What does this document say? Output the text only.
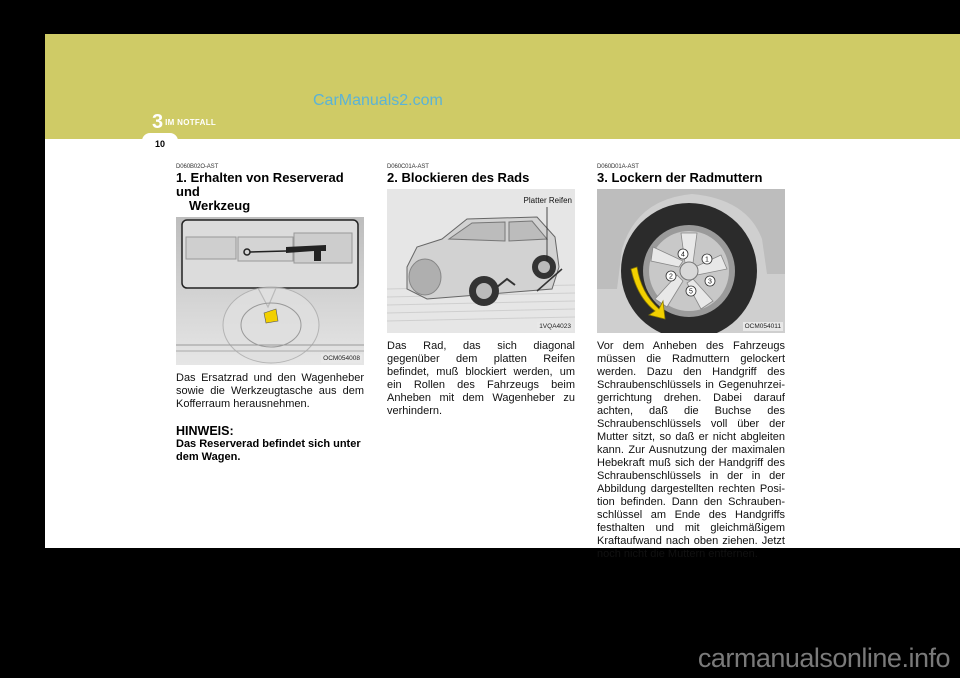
CarManuals2.com
3 IM NOTFALL
10
D060B02O-AST
1. Erhalten von Reserverad und
Werkzeug
OCM054008
Das Ersatzrad und den Wagenheber sowie die Werkzeugtasche aus dem Kofferraum herausnehmen.
HINWEIS:
Das Reserverad befindet sich unter dem Wagen.
D060C01A-AST
2. Blockieren des Rads
Platter Reifen
1VQA4023
Das Rad, das sich diagonal gegenüber dem platten Reifen befindet, muß blockiert werden, um ein Rollen des Fahrzeugs beim Anheben mit dem Wagenheber zu verhindern.
D060D01A-AST
3. Lockern der Radmuttern
1
2
3
4
5
OCM054011
Vor dem Anheben des Fahrzeugs müssen die Radmuttern gelockert werden. Dazu den Handgriff des Schraubenschlüssels in Gegenuhrzei-gerrichtung drehen. Dabei darauf achten, daß die Buchse des Schraubenschlüssels voll über der Mutter sitzt, so daß er nicht abgleiten kann. Zur Ausnutzung der maximalen Hebekraft muß sich der Handgriff des Schraubenschlüssels in der in der Abbildung dargestellten rechten Posi-tion befinden. Dann den Schrauben-schlüssel am Ende des Handgriffs festhalten und mit gleichmäßigem Kraftaufwand nach oben ziehen. Jetzt noch nicht die Muttern entfernen.
carmanualsonline.info
